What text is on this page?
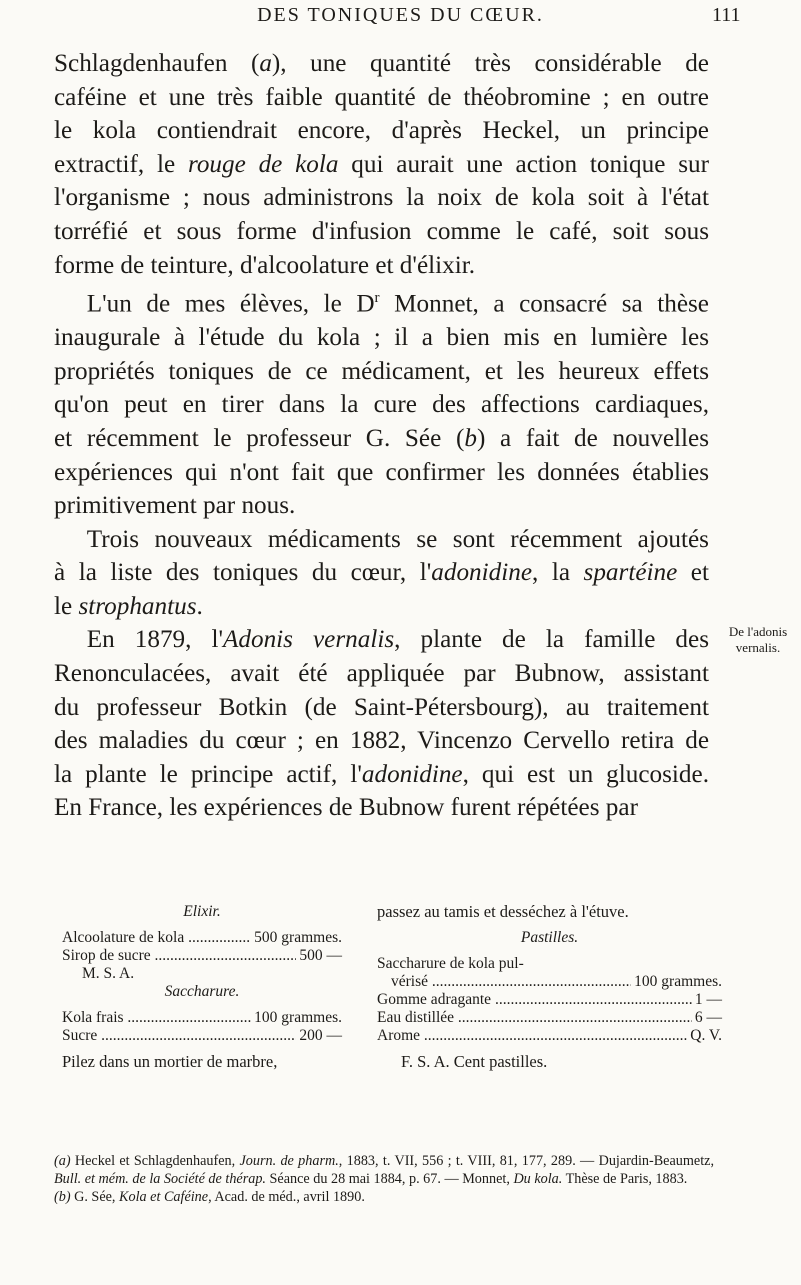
DES TONIQUES DU CŒUR.	111
Schlagdenhaufen (a), une quantité très considérable de
caféine et une très faible quantité de théobromine ; en outre
le kola contiendrait encore, d'après Heckel, un principe
extractif, le rouge de kola qui aurait une action tonique sur
l'organisme ; nous administrons la noix de kola soit à l'état
torréfié et sous forme d'infusion comme le café, soit sous
forme de teinture, d'alcoolature et d'élixir.
L'un de mes élèves, le $D^r$ Monnet, a consacré sa thèse
inaugurale à l'étude du kola ; il a bien mis en lumière les
propriétés toniques de ce médicament, et les heureux effets
qu'on peut en tirer dans la cure des affections cardiaques,
et récemment le professeur G. Sée (b) a fait de nouvelles
expériences qui n'ont fait que confirmer les données établies
primitivement par nous.
Trois nouveaux médicaments se sont récemment ajoutés
à la liste des toniques du cœur, l'adonidine, la spartéine et
le strophantus.
En 1879, l'Adonis vernalis, plante de la famille des
Renonculacées, avait été appliquée par Bubnow, assistant
du professeur Botkin (de Saint-Pétersbourg), au traitement
des maladies du cœur ; en 1882, Vincenzo Cervello retira de
la plante le principe actif, l'adonidine, qui est un glucoside.
En France, les expériences de Bubnow furent répétées par
De l'adonis
vernalis.
Elixir.
Alcoolature de kola .....	500 grammes.
Sirop de sucre .....	500 —
M. S. A.
Saccharure.
Kola frais .....	100 grammes.
Sucre .....	200 —
Pilez dans un mortier de marbre,
passez au tamis et desséchez à l'étuve.
Pastilles.
Saccharure de kola pul-
vérisé .....	100 grammes.
Gomme adragante .....	1 —
Eau distillée .....	6 —
Arome .....	Q. V.
F. S. A. Cent pastilles.

(a) Heckel et Schlagdenhaufen, Journ. de pharm., 1883, t. VII, 556 ; t. VIII, 81, 177, 289. — Dujardin-Beaumetz, Bull. et mém. de la Société de thérap. Séance du 28 mai 1884, p. 67. — Monnet, Du kola. Thèse de Paris, 1883.

(b) G. Sée, Kola et Caféine, Acad. de méd., avril 1890.
